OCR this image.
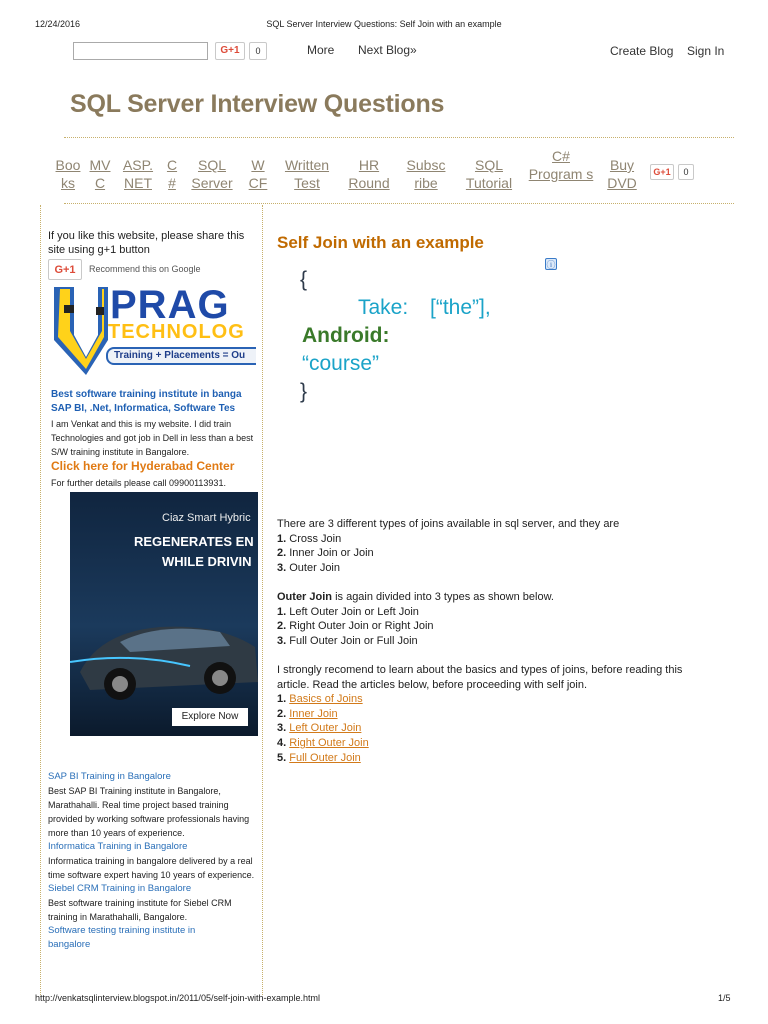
12/24/2016	SQL Server Interview Questions: Self Join with an example
G+1	0	More Next Blog»	Create Blog Sign In
SQL Server Interview Questions
Boo ks
MV C
ASP. NET
C #
SQL Server
W CF
Written Test
HR Round
Subsc ribe
SQL Tutorial
C# Program s
Buy DVD
G+1	0
If you like this website, please share this site using g+1 button
G+1	Recommend this on Google
PRAG
TECHNOLOG
Training + Placements = Ou
Best software training institute in banga
SAP BI, .Net, Informatica, Software Tes
I am Venkat and this is my website. I did train Technologies and got job in Dell in less than a best S/W training institute in Bangalore.
Click here for Hyderabad Center
For further details please call 09900113931.
Ciaz Smart Hybric
REGENERATES EN
WHILE DRIVIN
Explore Now
SAP BI Training in Bangalore
Best SAP BI Training institute in Bangalore, Marathahalli. Real time project based training provided by working software professionals having more than 10 years of experience.
Informatica Training in Bangalore
Informatica training in bangalore delivered by a real time software expert having 10 years of experience.
Siebel CRM Training in Bangalore
Best software training institute for Siebel CRM training in Marathahalli, Bangalore.
Software testing training institute in bangalore
Self Join with an example
ⓘ
{
Take: [“the”],
Android:
“course”
}
There are 3 different types of joins available in sql server, and they are
1. Cross Join
2. Inner Join or Join
3. Outer Join
Outer Join is again divided into 3 types as shown below.
1. Left Outer Join or Left Join
2. Right Outer Join or Right Join
3. Full Outer Join or Full Join
I strongly recomend to learn about the basics and types of joins, before reading this article. Read the articles below, before proceeding with self join.
1. Basics of Joins
2. Inner Join
3. Left Outer Join
4. Right Outer Join
5. Full Outer Join
http://venkatsqlinterview.blogspot.in/2011/05/self-join-with-example.html	1/5
